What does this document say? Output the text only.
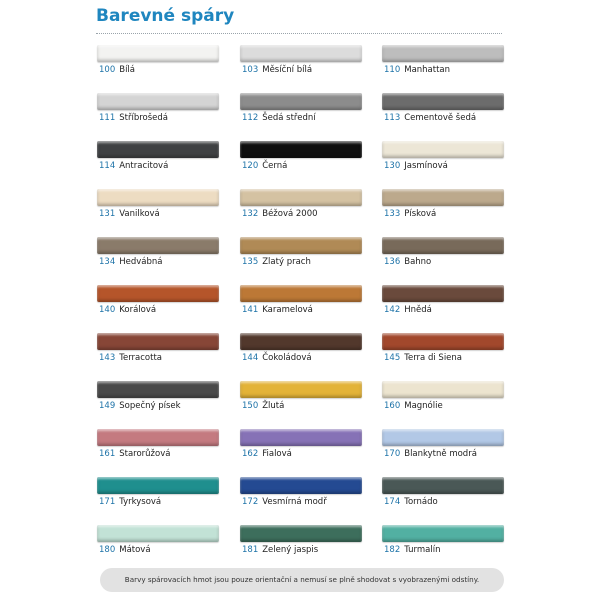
Barevné spáry
100 Bílá	103 Měsíční bílá	110 Manhattan
111 Stříbrošedá	112 Šedá střední	113 Cementově šedá
114 Antracitová	120 Černá	130 Jasmínová
131 Vanilková	132 Béžová 2000	133 Písková
134 Hedvábná	135 Zlatý prach	136 Bahno
140 Korálová	141 Karamelová	142 Hnědá
143 Terracotta	144 Čokoládová	145 Terra di Siena
149 Sopečný písek	150 Žlutá	160 Magnólie
161 Starorůžová	162 Fialová	170 Blankytně modrá
171 Tyrkysová	172 Vesmírná modř	174 Tornádo
180 Mátová	181 Zelený jaspis	182 Turmalín
Barvy spárovacích hmot jsou pouze orientační a nemusí se plně shodovat s vyobrazenými odstíny.
